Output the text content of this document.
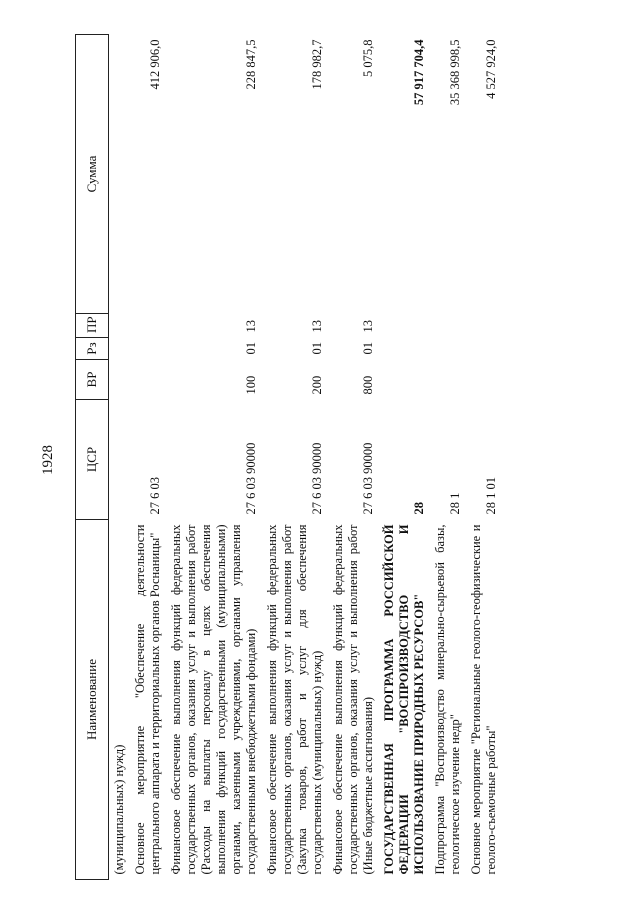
1928
Наименование	ЦСР	ВР	Рз	ПР	Сумма
(муниципальных) нужд)					
Основное мероприятие "Обеспечение деятельности центрального аппарата и территориальных органов Роснаницы"	27 6 03				412 906,0
Финансовое обеспечение выполнения функций федеральных государственных органов, оказания услуг и выполнения работ (Расходы на выплаты персоналу в целях обеспечения выполнения функций государственными (муниципальными) органами, казенными учреждениями, органами управления государственными внебюджетными фондами)	27 6 03 90000	100	01	13	228 847,5
Финансовое обеспечение выполнения функций федеральных государственных органов, оказания услуг и выполнения работ (Закупка товаров, работ и услуг для обеспечения государственных (муниципальных) нужд)	27 6 03 90000	200	01	13	178 982,7
Финансовое обеспечение выполнения функций федеральных государственных органов, оказания услуг и выполнения работ (Иные бюджетные ассигнования)	27 6 03 90000	800	01	13	5 075,8
ГОСУДАРСТВЕННАЯ ПРОГРАММА РОССИЙСКОЙ ФЕДЕРАЦИИ "ВОСПРОИЗВОДСТВО И ИСПОЛЬЗОВАНИЕ ПРИРОДНЫХ РЕСУРСОВ"	28				57 917 704,4
Подпрограмма "Воспроизводство минерально-сырьевой базы, геологическое изучение недр"	28 1				35 368 998,5
Основное мероприятие "Региональные геолого-геофизические и геолого-съемочные работы"	28 1 01				4 527 924,0
